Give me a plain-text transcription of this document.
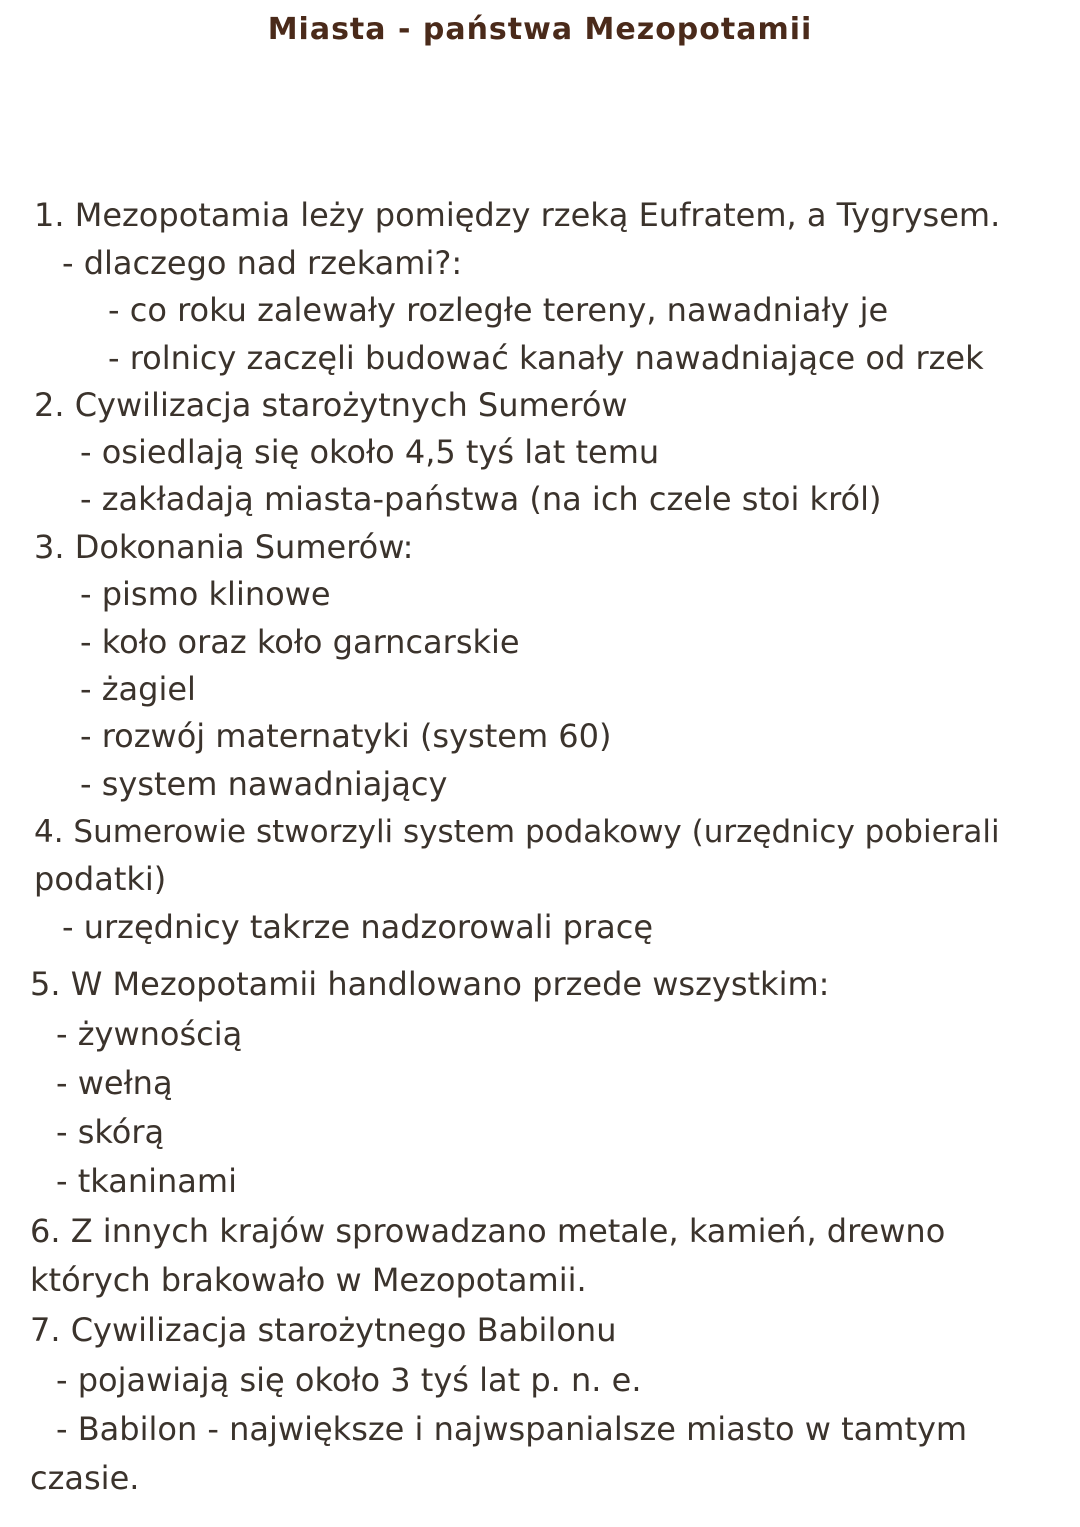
Miasta - państwa Mezopotamii
1. Mezopotamia leży pomiędzy rzeką Eufratem, a Tygrysem.
- dlaczego nad rzekami?:
- co roku zalewały rozległe tereny, nawadniały je
- rolnicy zaczęli budować kanały nawadniające od rzek
2. Cywilizacja starożytnych Sumerów
- osiedlają się około 4,5 tyś lat temu
- zakładają miasta-państwa (na ich czele stoi król)
3. Dokonania Sumerów:
- pismo klinowe
- koło oraz koło garncarskie
- żagiel
- rozwój maternatyki (system 60)
- system nawadniający
4. Sumerowie stworzyli system podakowy (urzędnicy pobierali
podatki)
- urzędnicy takrze nadzorowali pracę
5. W Mezopotamii handlowano przede wszystkim:
- żywnością
- wełną
- skórą
- tkaninami
6. Z innych krajów sprowadzano metale, kamień, drewno
których brakowało w Mezopotamii.
7. Cywilizacja starożytnego Babilonu
- pojawiają się około 3 tyś lat p. n. e.
- Babilon - największe i najwspanialsze miasto w tamtym
czasie.
